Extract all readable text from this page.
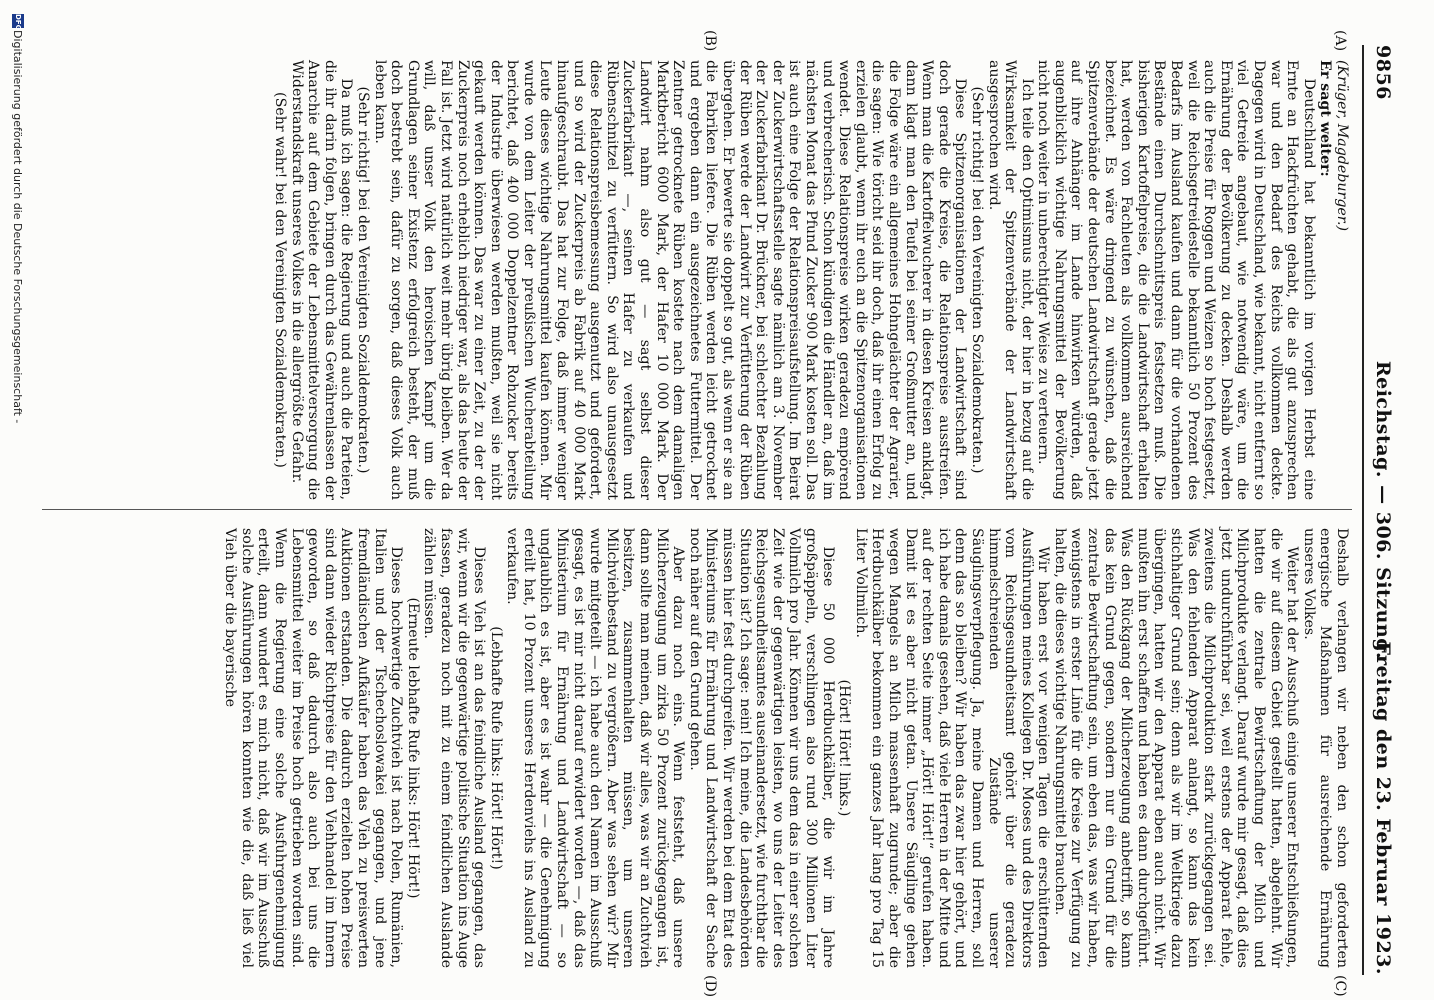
9856
Reichstag. — 306. Sitzung.
Freitag den 23. Februar 1923.
(A)
(B)
(C)
(D)

(Krüger, Magdeburger.)

Er sagt weiter:

Deutschland hat bekanntlich im vorigen Herbst eine Ernte an Hackfrüchten gehabt, die als gut anzusprechen war und den Bedarf des Reichs vollkommen deckte. Dagegen wird in Deutschland, wie bekannt, nicht entfernt so viel Getreide angebaut, wie notwendig wäre, um die Ernährung der Bevölkerung zu decken. Deshalb werden auch die Preise für Roggen und Weizen so hoch festgesetzt, weil die Reichsgetreidestelle bekanntlich 50 Prozent des Bedarfs im Ausland kaufen und dann für die vorhandenen Bestände einen Durchschnittspreis festsetzen muß. Die bisherigen Kartoffelpreise, die die Landwirtschaft erhalten hat, werden von Fachleuten als vollkommen ausreichend bezeichnet. Es wäre dringend zu wünschen, daß die Spitzenverbände der deutschen Landwirtschaft gerade jetzt auf ihre Anhänger im Lande hinwirken würden, daß augenblicklich wichtige Nahrungsmittel der Bevölkerung nicht noch weiter in unberechtigter Weise zu verteuern.

Ich teile den Optimismus nicht, der hier in bezug auf die Wirksamkeit der Spitzenverbände der Landwirtschaft ausgesprochen wird.

(Sehr richtig! bei den Vereinigten Sozialdemokraten.)

Diese Spitzenorganisationen der Landwirtschaft sind doch gerade die Kreise, die Relationspreise ausstreifen. Wenn man die Kartoffelwucherer in diesen Kreisen anklagt, dann klagt man den Teufel bei seiner Großmutter an, und die Folge wäre ein allgemeines Hohngelächter der Agrarier, die sagen: Wie töricht seid ihr doch, daß ihr einen Erfolg zu erzielen glaubt, wenn ihr euch an die Spitzenorganisationen wendet. Diese Relationspreise wirken geradezu empörend und verbrecherisch. Schon kündigen die Händler an, daß im nächsten Monat das Pfund Zucker 900 Mark kosten soll. Das ist auch eine Folge der Relationspreisaufstellung. Im Beirat der Zuckerwirtschaftsstelle sagte nämlich am 3. November der Zuckerfabrikant Dr. Brückner, bei schlechter Bezahlung der Rüben werde der Landwirt zur Verfütterung der Rüben übergehen. Er bewerte sie doppelt so gut, als wenn er sie an die Fabriken liefere. Die Rüben werden leicht getrocknet und ergeben dann ein ausgezeichnetes Futtermittel. Der Zentner getrocknete Rüben kostete nach dem damaligen Marktbericht 6000 Mark, der Hafer 10 000 Mark. Der Landwirt nahm also gut — sagt selbst dieser Zuckerfabrikant —, seinen Hafer zu verkaufen und Rübenschnitzel zu verfüttern. So wird also unausgesetzt diese Relationspreisbemessung ausgenutzt und gefordert, und so wird der Zuckerpreis ab Fabrik auf 40 000 Mark hinaufgeschraubt. Das hat zur Folge, daß immer weniger Leute dieses wichtige Nahrungsmittel kaufen können. Mir wurde von dem Leiter der preußischen Wucherabteilung berichtet, daß 400 000 Doppelzentner Rohzucker bereits der Industrie überwiesen werden mußten, weil sie nicht gekauft werden können. Das war zu einer Zeit, zu der der Zuckerpreis noch erheblich niedriger war, als das heute der Fall ist. Jetzt wird natürlich weit mehr übrig bleiben. Wer da will, daß unser Volk den heroischen Kampf um die Grundlagen seiner Existenz erfolgreich besteht, der muß doch bestrebt sein, dafür zu sorgen, daß dieses Volk auch leben kann.

(Sehr richtig! bei den Vereinigten Sozialdemokraten.)

Da muß ich sagen: die Regierung und auch die Parteien, die ihr darin folgen, bringen durch das Gewährenlassen der Anarchie auf dem Gebiete der Lebensmittelversorgung die Widerstandskraft unseres Volkes in die allergrößte Gefahr.

(Sehr wahr! bei den Vereinigten Sozialdemokraten.)

Deshalb verlangen wir neben den schon geforderten energische Maßnahmen für ausreichende Ernährung unseres Volkes.

Weiter hat der Ausschuß einige unserer Entschließungen, die wir auf diesem Gebiet gestellt hatten, abgelehnt. Wir hatten die zentrale Bewirtschaftung der Milch und Milchprodukte verlangt. Darauf wurde mir gesagt, daß dies jetzt undurchführbar sei, weil erstens der Apparat fehle, zweitens die Milchproduktion stark zurückgegangen sei. Was den fehlenden Apparat anlangt, so kann das kein stichhaltiger Grund sein; denn als wir im Weltkriege dazu übergingen, hatten wir den Apparat eben auch nicht. Wir mußten ihn erst schaffen und haben es dann durchgeführt. Was den Rückgang der Milcherzeugung anbetrifft, so kann das kein Grund gegen, sondern nur ein Grund für die zentrale Bewirtschaftung sein, um eben das, was wir haben, wenigstens in erster Linie für die Kreise zur Verfügung zu halten, die dieses wichtige Nahrungsmittel brauchen.

Wir haben erst vor wenigen Tagen die erschütternden Ausführungen meines Kollegen Dr. Moses und des Direktors vom Reichsgesundheitsamt gehört über die geradezu himmelschreienden Zustände unserer Säuglingsverpflegung. Ja, meine Damen und Herren, soll denn das so bleiben? Wir haben das zwar hier gehört, und ich habe damals gesehen, daß viele Herren in der Mitte und auf der rechten Seite immer „Hört! Hört!“ gerufen haben. Damit ist es aber nicht getan. Unsere Säuglinge gehen wegen Mangels an Milch massenhaft zugrunde; aber die Herdbuchkälber bekommen ein ganzes Jahr lang pro Tag 15 Liter Vollmilch.

(Hört! Hört! links.)

Diese 50 000 Herdbuchkälber, die wir im Jahre großpäppeln, verschlingen also rund 300 Millionen Liter Vollmilch pro Jahr. Können wir uns dem das in einer solchen Zeit wie der gegenwärtigen leisten, wo uns der Leiter des Reichsgesundheitsamtes auseinandersetzt, wie furchtbar die Situation ist? Ich sage: nein! Ich meine, die Landesbehörden müssen hier fest durchgreifen. Wir werden bei dem Etat des Ministeriums für Ernährung und Landwirtschaft der Sache noch näher auf den Grund gehen.

Aber dazu noch eins. Wenn feststeht, daß unsere Milcherzeugung um zirka 50 Prozent zurückgegangen ist, dann sollte man meinen, daß wir alles, was wir an Zuchtvieh besitzen, zusammenhalten müssen, um unseren Milchviehbestand zu vergrößern. Aber was sehen wir? Mir wurde mitgeteilt — ich habe auch den Namen im Ausschuß gesagt, es ist mir nicht darauf erwidert worden —, daß das Ministerium für Ernährung und Landwirtschaft — so unglaublich es ist, aber es ist wahr — die Genehmigung erteilt hat, 10 Prozent unseres Herdenviehs ins Ausland zu verkaufen.

(Lebhafte Rufe links: Hört! Hört!)

Dieses Vieh ist an das feindliche Ausland gegangen, das wir, wenn wir die gegenwärtige politische Situation ins Auge fassen, geradezu noch mit zu einem feindlichen Auslande zählen müssen.

(Erneute lebhafte Rufe links: Hört! Hört!)

Dieses hochwertige Zuchtvieh ist nach Polen, Rumänien, Italien und der Tschechoslowakei gegangen, und jene fremdländischen Aufkäufer haben das Vieh zu preiswerten Auktionen erstanden. Die dadurch erzielten hohen Preise sind dann wieder Richtpreise für den Viehhandel im Innern geworden, so daß dadurch also auch bei uns die Lebensmittel weiter im Preise hoch getrieben worden sind. Wenn die Regierung eine solche Ausfuhrgenehmigung erteilt, dann wundert es mich nicht, daß wir im Ausschuß solche Ausführungen hören konnten wie die, daß ließ viel Vieh über die bayerische

DFG
Digitalisierung gefördert durch die Deutsche Forschungsgemeinschaft -
